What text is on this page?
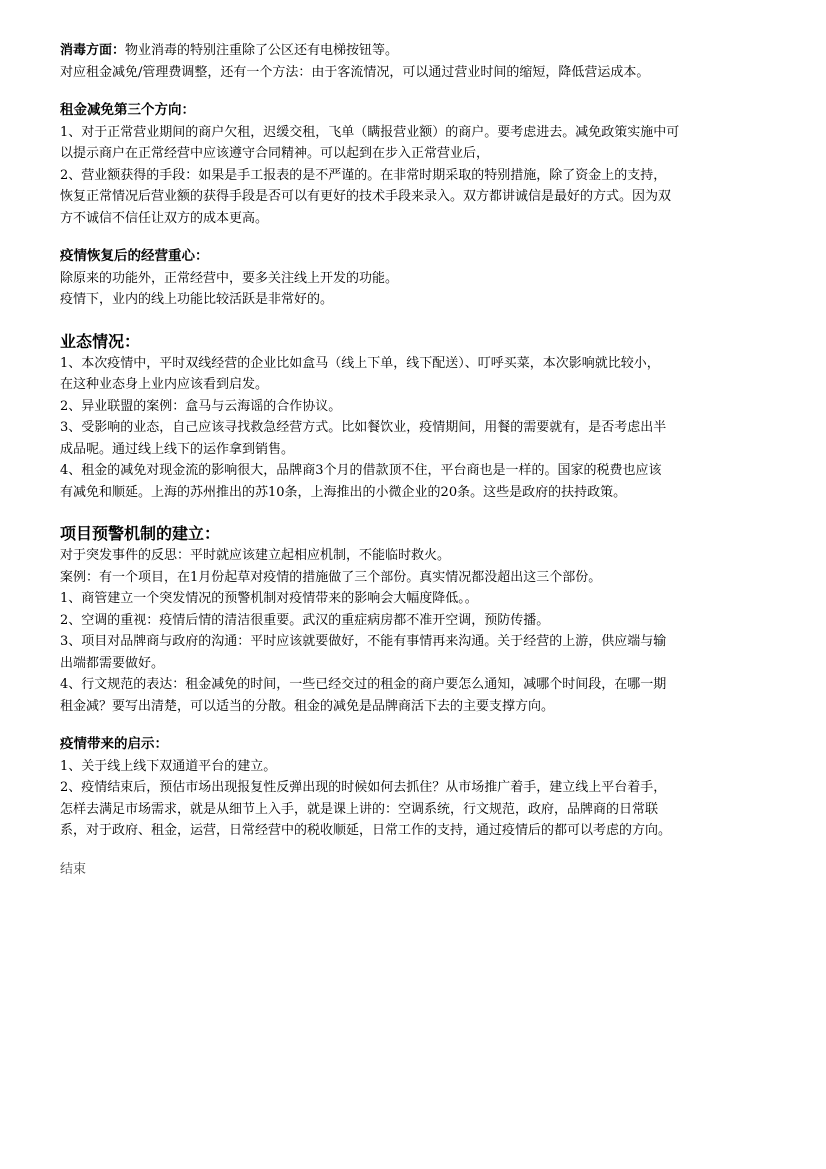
消毒方面：物业消毒的特别注重除了公区还有电梯按钮等。

对应租金减免/管理费调整，还有一个方法：由于客流情况，可以通过营业时间的缩短，降低营运成本。

租金减免第三个方向：

1、对于正常营业期间的商户欠租，迟缓交租，飞单（瞒报营业额）的商户。要考虑进去。减免政策实施中可

以提示商户在正常经营中应该遵守合同精神。可以起到在步入正常营业后，

2、营业额获得的手段：如果是手工报表的是不严谨的。在非常时期采取的特别措施，除了资金上的支持，

恢复正常情况后营业额的获得手段是否可以有更好的技术手段来录入。双方都讲诚信是最好的方式。因为双

方不诚信不信任让双方的成本更高。

疫情恢复后的经营重心：

除原来的功能外，正常经营中，要多关注线上开发的功能。

疫情下，业内的线上功能比较活跃是非常好的。

业态情况：

1、本次疫情中，平时双线经营的企业比如盒马（线上下单，线下配送）、叮呼买菜，本次影响就比较小，

在这种业态身上业内应该看到启发。

2、异业联盟的案例：盒马与云海谣的合作协议。

3、受影响的业态，自己应该寻找救急经营方式。比如餐饮业，疫情期间，用餐的需要就有，是否考虑出半

成品呢。通过线上线下的运作拿到销售。

4、租金的减免对现金流的影响很大，品牌商3个月的借款顶不住，平台商也是一样的。国家的税费也应该

有减免和顺延。上海的苏州推出的苏10条，上海推出的小微企业的20条。这些是政府的扶持政策。

项目预警机制的建立：

对于突发事件的反思：平时就应该建立起相应机制，不能临时救火。

案例：有一个项目，在1月份起草对疫情的措施做了三个部份。真实情况都没超出这三个部份。

1、商管建立一个突发情况的预警机制对疫情带来的影响会大幅度降低。。

2、空调的重视：疫情后情的清洁很重要。武汉的重症病房都不准开空调，预防传播。

3、项目对品牌商与政府的沟通：平时应该就要做好，不能有事情再来沟通。关于经营的上游，供应端与输

出端都需要做好。

4、行文规范的表达：租金减免的时间，一些已经交过的租金的商户要怎么通知，减哪个时间段，在哪一期

租金减？要写出清楚，可以适当的分散。租金的减免是品牌商活下去的主要支撑方向。

疫情带来的启示：

1、关于线上线下双通道平台的建立。

2、疫情结束后，预估市场出现报复性反弹出现的时候如何去抓住？从市场推广着手，建立线上平台着手，

怎样去满足市场需求，就是从细节上入手，就是课上讲的：空调系统，行文规范，政府，品牌商的日常联

系，对于政府、租金，运营，日常经营中的税收顺延，日常工作的支持，通过疫情后的都可以考虑的方向。

结束
